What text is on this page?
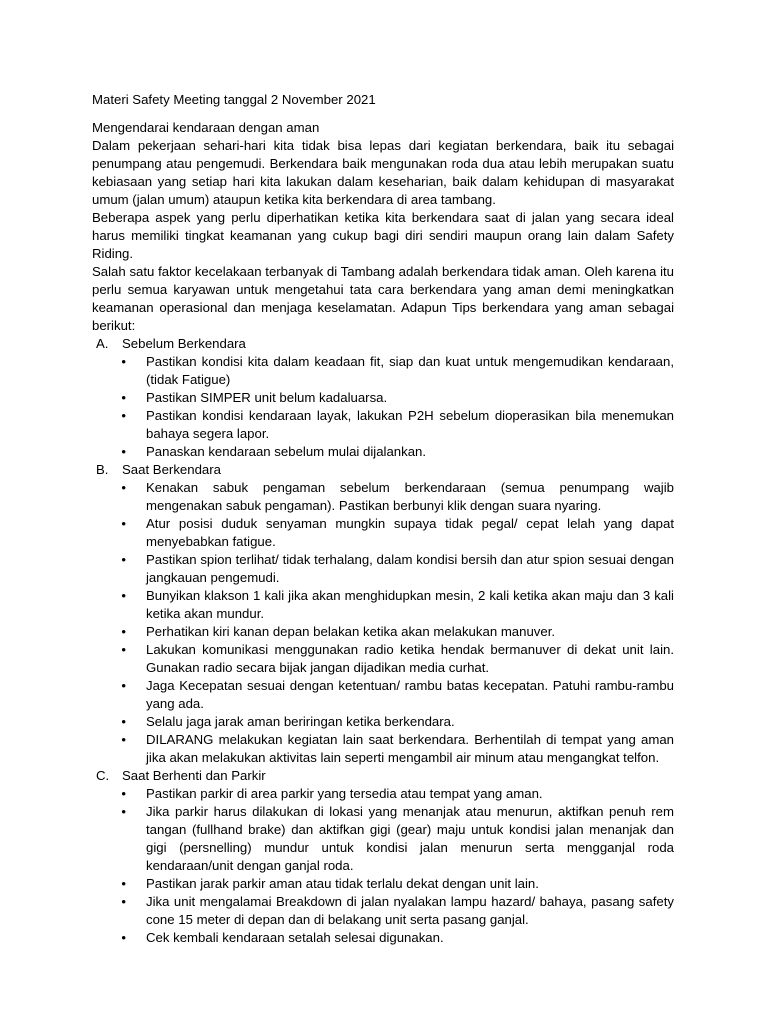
Materi Safety Meeting tanggal 2 November 2021
Mengendarai kendaraan dengan aman

Dalam pekerjaan sehari-hari kita tidak bisa lepas dari kegiatan berkendara, baik itu sebagai penumpang atau pengemudi. Berkendara baik mengunakan roda dua atau lebih merupakan suatu kebiasaan yang setiap hari kita lakukan dalam keseharian, baik dalam kehidupan di masyarakat umum (jalan umum) ataupun ketika kita berkendara di area tambang.

Beberapa aspek yang perlu diperhatikan ketika kita berkendara saat di jalan yang secara ideal harus memiliki tingkat keamanan yang cukup bagi diri sendiri maupun orang lain dalam Safety Riding.

Salah satu faktor kecelakaan terbanyak di Tambang adalah berkendara tidak aman. Oleh karena itu perlu semua karyawan untuk mengetahui tata cara berkendara yang aman demi meningkatkan keamanan operasional dan menjaga keselamatan. Adapun Tips berkendara yang aman sebagai berikut:

A.	Sebelum Berkendara
•	Pastikan kondisi kita dalam keadaan fit, siap dan kuat untuk mengemudikan kendaraan, (tidak Fatigue)
•	Pastikan SIMPER unit belum kadaluarsa.
•	Pastikan kondisi kendaraan layak, lakukan P2H sebelum dioperasikan bila menemukan bahaya segera lapor.
•	Panaskan kendaraan sebelum mulai dijalankan.
B.	Saat Berkendara
•	Kenakan sabuk pengaman sebelum berkendaraan (semua penumpang wajib mengenakan sabuk pengaman). Pastikan berbunyi klik dengan suara nyaring.
•	Atur posisi duduk senyaman mungkin supaya tidak pegal/ cepat lelah yang dapat menyebabkan fatigue.
•	Pastikan spion terlihat/ tidak terhalang, dalam kondisi bersih dan atur spion sesuai dengan jangkauan pengemudi.
•	Bunyikan klakson 1 kali jika akan menghidupkan mesin, 2 kali ketika akan maju dan 3 kali ketika akan mundur.
•	Perhatikan kiri kanan depan belakan ketika akan melakukan manuver.
•	Lakukan komunikasi menggunakan radio ketika hendak bermanuver di dekat unit lain. Gunakan radio secara bijak jangan dijadikan media curhat.
•	Jaga Kecepatan sesuai dengan ketentuan/ rambu batas kecepatan. Patuhi rambu-rambu yang ada.
•	Selalu jaga jarak aman beriringan ketika berkendara.
•	DILARANG melakukan kegiatan lain saat berkendara. Berhentilah di tempat yang aman jika akan melakukan aktivitas lain seperti mengambil air minum atau mengangkat telfon.
C. Saat Berhenti dan Parkir
•	Pastikan parkir di area parkir yang tersedia atau tempat yang aman.
•	Jika parkir harus dilakukan di lokasi yang menanjak atau menurun, aktifkan penuh rem tangan (fullhand brake) dan aktifkan gigi (gear) maju untuk kondisi jalan menanjak dan gigi (persnelling) mundur untuk kondisi jalan menurun serta mengganjal roda kendaraan/unit dengan ganjal roda.
•	Pastikan jarak parkir aman atau tidak terlalu dekat dengan unit lain.
•	Jika unit mengalamai Breakdown di jalan nyalakan lampu hazard/ bahaya, pasang safety cone 15 meter di depan dan di belakang unit serta pasang ganjal.
•	Cek kembali kendaraan setalah selesai digunakan.
